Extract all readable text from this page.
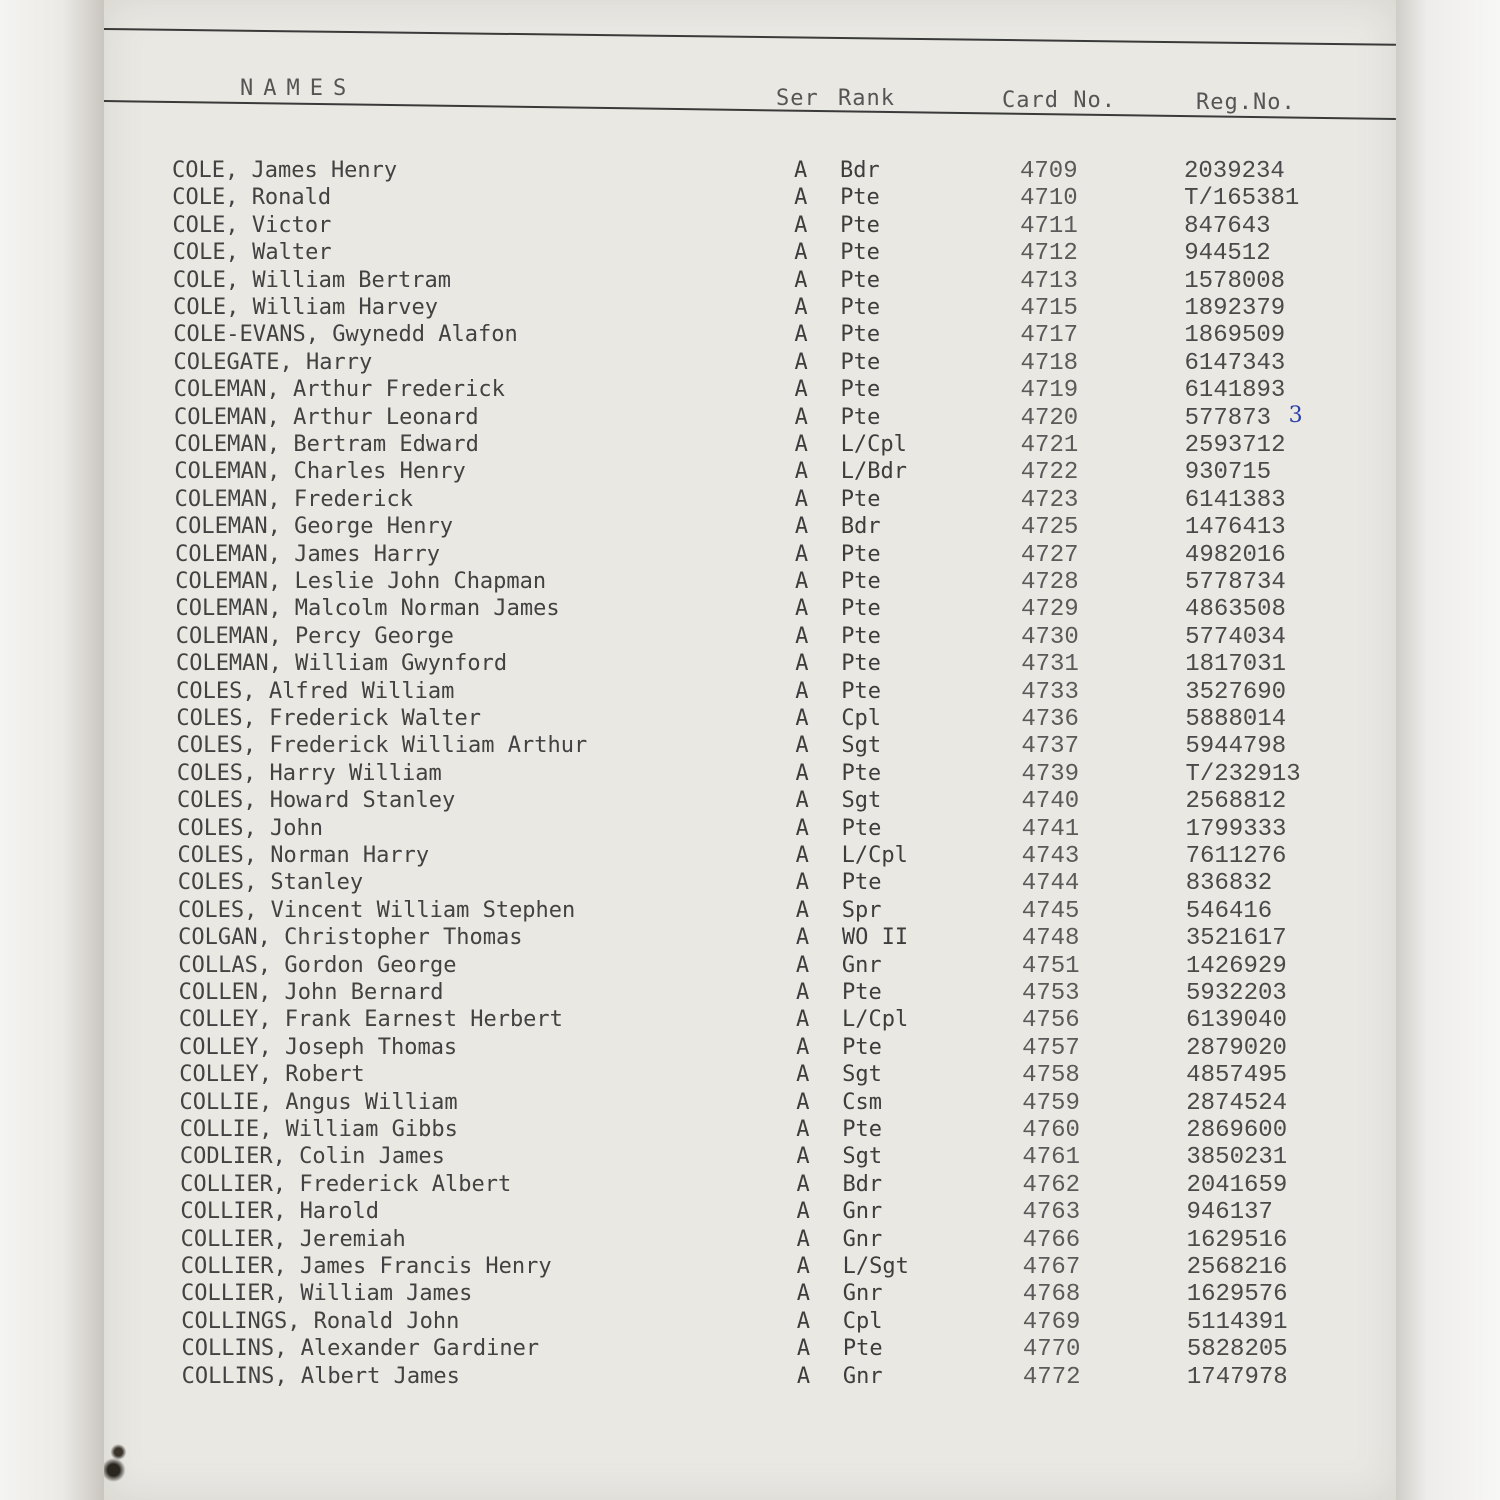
NAMES	Ser Rank	Card No.	Reg.No.
COLE, James Henry	A Bdr	4709	2039234
COLE, Ronald	A Pte	4710	T/165381
COLE, Victor	A Pte	4711	847643
COLE, Walter	A Pte	4712	944512
COLE, William Bertram	A Pte	4713	1578008
COLE, William Harvey	A Pte	4715	1892379
COLE-EVANS, Gwynedd Alafon	A Pte	4717	1869509
COLEGATE, Harry	A Pte	4718	6147343
COLEMAN, Arthur Frederick	A Pte	4719	6141893
COLEMAN, Arthur Leonard	A Pte	4720	577873 3
COLEMAN, Bertram Edward	A L/Cpl	4721	2593712
COLEMAN, Charles Henry	A L/Bdr	4722	930715
COLEMAN, Frederick	A Pte	4723	6141383
COLEMAN, George Henry	A Bdr	4725	1476413
COLEMAN, James Harry	A Pte	4727	4982016
COLEMAN, Leslie John Chapman	A Pte	4728	5778734
COLEMAN, Malcolm Norman James	A Pte	4729	4863508
COLEMAN, Percy George	A Pte	4730	5774034
COLEMAN, William Gwynford	A Pte	4731	1817031
COLES, Alfred William	A Pte	4733	3527690
COLES, Frederick Walter	A Cpl	4736	5888014
COLES, Frederick William Arthur	A Sgt	4737	5944798
COLES, Harry William	A Pte	4739	T/232913
COLES, Howard Stanley	A Sgt	4740	2568812
COLES, John	A Pte	4741	1799333
COLES, Norman Harry	A L/Cpl	4743	7611276
COLES, Stanley	A Pte	4744	836832
COLES, Vincent William Stephen	A Spr	4745	546416
COLGAN, Christopher Thomas	A WO II	4748	3521617
COLLAS, Gordon George	A Gnr	4751	1426929
COLLEN, John Bernard	A Pte	4753	5932203
COLLEY, Frank Earnest Herbert	A L/Cpl	4756	6139040
COLLEY, Joseph Thomas	A Pte	4757	2879020
COLLEY, Robert	A Sgt	4758	4857495
COLLIE, Angus William	A Csm	4759	2874524
COLLIE, William Gibbs	A Pte	4760	2869600
CODLIER, Colin James	A Sgt	4761	3850231
COLLIER, Frederick Albert	A Bdr	4762	2041659
COLLIER, Harold	A Gnr	4763	946137
COLLIER, Jeremiah	A Gnr	4766	1629516
COLLIER, James Francis Henry	A L/Sgt	4767	2568216
COLLIER, William James	A Gnr	4768	1629576
COLLINGS, Ronald John	A Cpl	4769	5114391
COLLINS, Alexander Gardiner	A Pte	4770	5828205
COLLINS, Albert James	A Gnr	4772	1747978
